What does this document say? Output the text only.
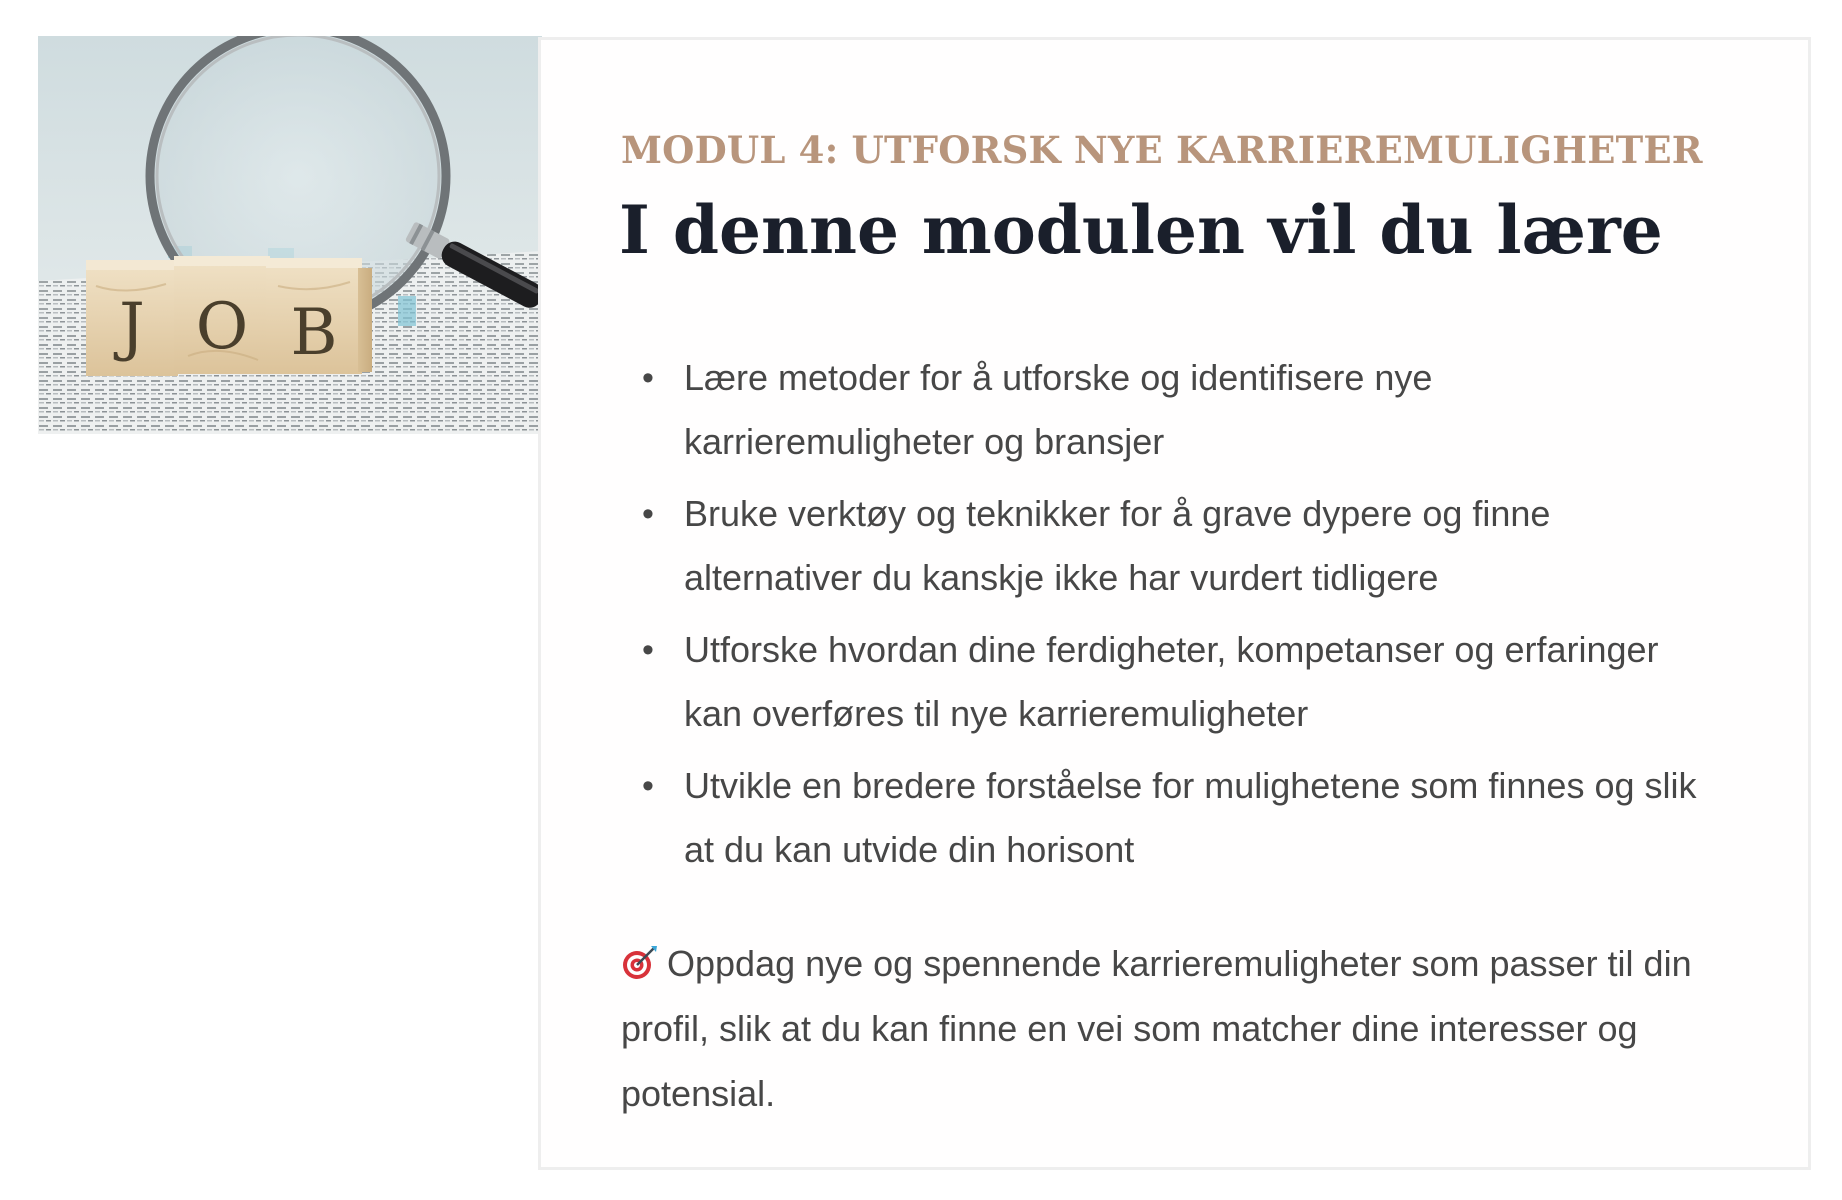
J O B

MODUL 4: UTFORSK NYE KARRIEREMULIGHETER

I denne modulen vil du lære
• Lære metoder for å utforske og identifisere nye karrieremuligheter og bransjer
• Bruke verktøy og teknikker for å grave dypere og finne alternativer du kanskje ikke har vurdert tidligere
• Utforske hvordan dine ferdigheter, kompetanser og erfaringer kan overføres til nye karrieremuligheter
• Utvikle en bredere forståelse for mulighetene som finnes og slik at du kan utvide din horisont

Oppdag nye og spennende karrieremuligheter som passer til din profil, slik at du kan finne en vei som matcher dine interesser og potensial.
